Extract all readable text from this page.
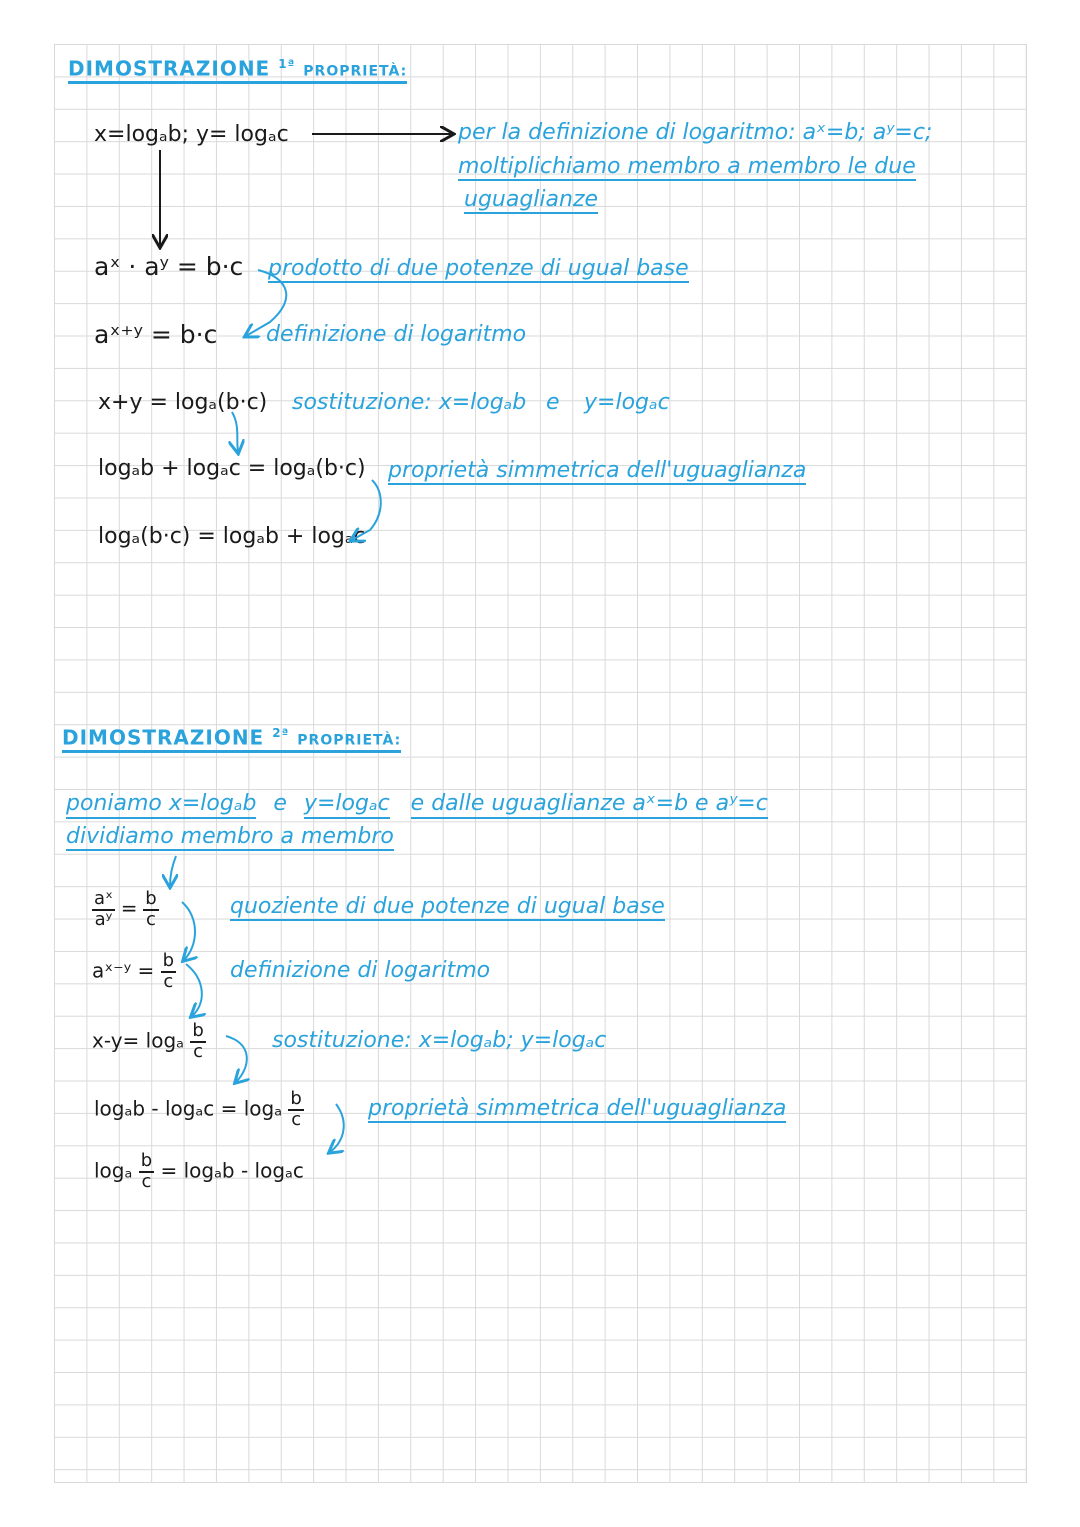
DIMOSTRAZIONE $^{1ª}$ PROPRIETÀ:
x=logₐb; y= logₐc	per la definizione di logaritmo: aˣ=b; aʸ=c;
moltiplichiamo membro a membro le due
uguaglianze
aˣ · aʸ = b·c prodotto di due potenze di ugual base
aˣ⁺ʸ = b·c definizione di logaritmo
x+y = logₐ(b·c) sostituzione: x=logₐb e y=logₐc
logₐb + logₐc = logₐ(b·c) proprietà simmetrica dell'uguaglianza
logₐ(b·c) = logₐb + logₐc
DIMOSTRAZIONE $^{2ª}$ PROPRIETÀ:
poniamo x=logₐb e y=logₐc e dalle uguaglianze aˣ=b e aʸ=c
dividiamo membro a membro
$\frac{\text{aˣ}}{\text{aʸ}} = \frac{b}{c}$	quoziente di due potenze di ugual base
aˣ⁻ʸ = $\frac{b}{c}$ definizione di logaritmo
x-y= logₐ $\frac{b}{c}$	sostituzione: x=logₐb; y=logₐc
logₐb - logₐc = logₐ $\frac{b}{c}$	proprietà simmetrica dell'uguaglianza
logₐ $\frac{b}{c} = \log_ab - \log_ac$
